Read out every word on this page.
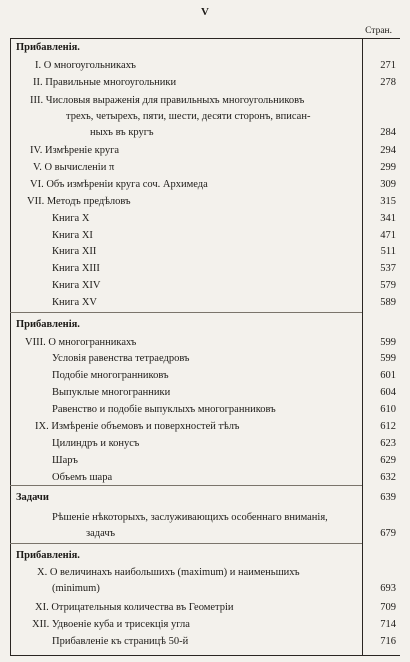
V
Стран.
Прибавленія.
I. О многоугольникахъ	271
II. Правильные многоугольники	278
III. Числовыя выраженія для правильныхъ многоугольниковъ
трехъ, четырехъ, пяти, шести, десяти сторонъ, вписан-
ныхъ въ кругъ	284
IV. Измѣреніе круга	294
V. О вычисленіи π	299
VI. Объ измѣреніи круга соч. Архимеда	309
VII. Методъ предѣловъ	315
Книга X	341
Книга XI	471
Книга XII	511
Книга XIII	537
Книга XIV	579
Книга XV	589
Прибавленія.
VIII. О многогранникахъ	599
Условія равенства тетраедровъ	599
Подобіе многогранниковъ	601
Выпуклые многогранники	604
Равенство и подобіе выпуклыхъ многогранниковъ	610
IX. Измѣреніе объемовъ и поверхностей тѣлъ	612
Цилиндръ и конусъ	623
Шаръ	629
Объемъ шара	632
Задачи	639
Рѣшеніе нѣкоторыхъ, заслуживающихъ особеннаго вниманія,
задачъ	679
Прибавленія.
X. О величинахъ наибольшихъ (maximum) и наименьшихъ
(minimum)	693
XI. Отрицательныя количества въ Геометріи	709
XII. Удвоеніе куба и трисекція угла	714
Прибавленіе къ страницѣ 50-й	716
